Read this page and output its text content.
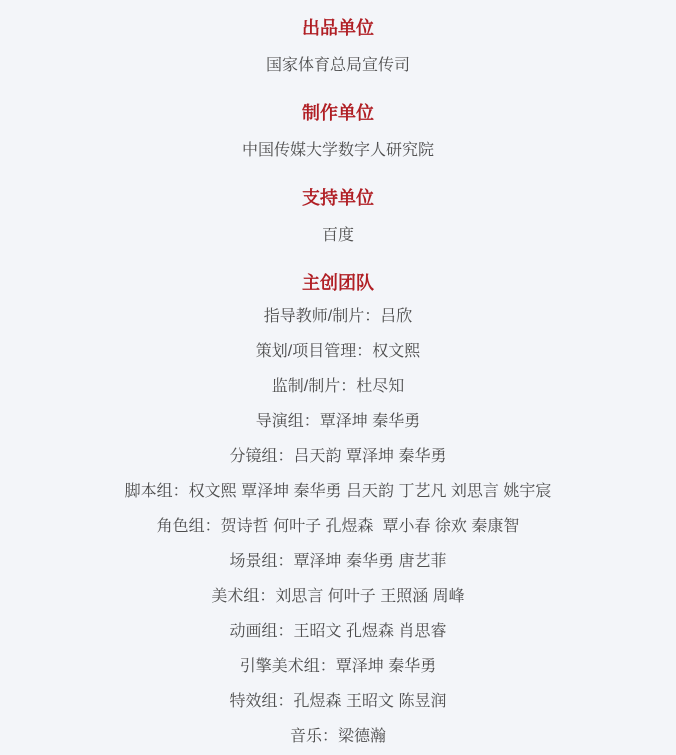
出品单位
国家体育总局宣传司
制作单位
中国传媒大学数字人研究院
支持单位
百度
主创团队
指导教师/制片：吕欣
策划/项目管理：权文熙
监制/制片：杜尽知
导演组：覃泽坤 秦华勇
分镜组：吕天韵 覃泽坤 秦华勇
脚本组：权文熙 覃泽坤 秦华勇 吕天韵 丁艺凡 刘思言 姚宇宸
角色组：贺诗哲 何叶子 孔煜森  覃小春 徐欢 秦康智
场景组：覃泽坤 秦华勇 唐艺菲
美术组：刘思言 何叶子 王照涵 周峰
动画组：王昭文 孔煜森 肖思睿
引擎美术组：覃泽坤 秦华勇
特效组：孔煜森 王昭文 陈昱润
音乐：梁德瀚
